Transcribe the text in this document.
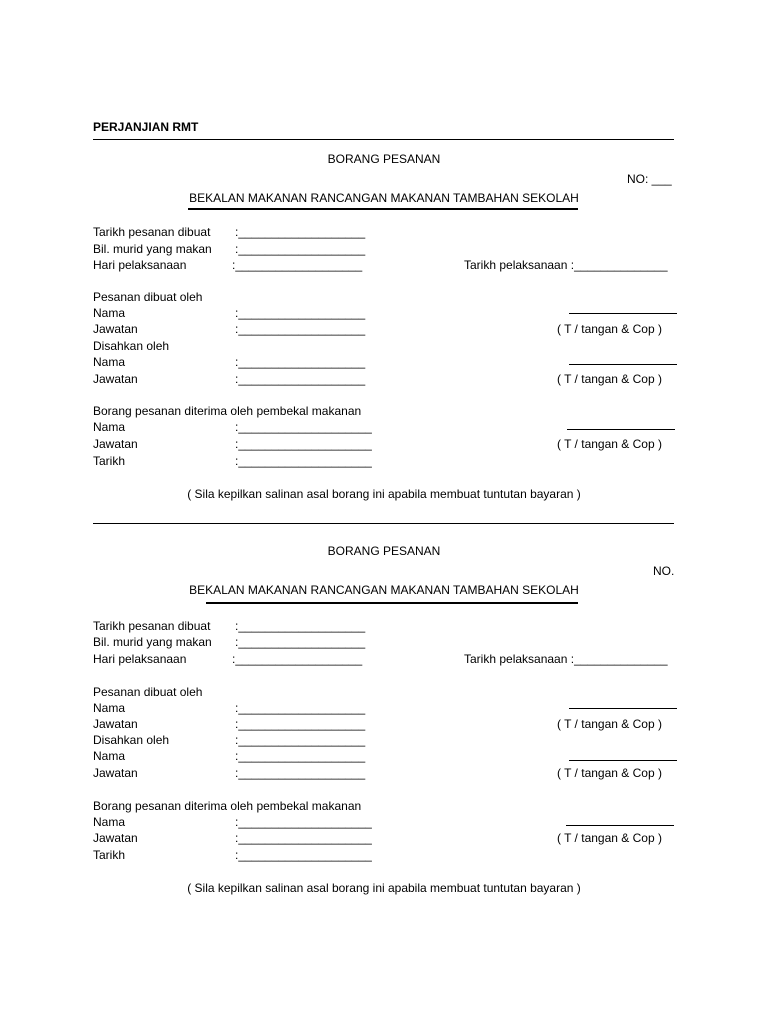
PERJANJIAN RMT
BORANG PESANAN
NO: ___
BEKALAN MAKANAN RANCANGAN MAKANAN TAMBAHAN SEKOLAH
Tarikh pesanan dibuat :___________________
Bil. murid yang makan :___________________
Hari pelaksanaan	:___________________	Tarikh pelaksanaan :______________
Pesanan dibuat oleh
Nama	:___________________
Jawatan	:___________________	( T / tangan & Cop )
Disahkan oleh
Nama	:___________________
Jawatan	:___________________	( T / tangan & Cop )
Borang pesanan diterima oleh pembekal makanan
Nama	:____________________
Jawatan	:____________________	( T / tangan & Cop )
Tarikh	:____________________
( Sila kepilkan salinan asal borang ini apabila membuat tuntutan bayaran )
BORANG PESANAN
NO.
BEKALAN MAKANAN RANCANGAN MAKANAN TAMBAHAN SEKOLAH
Tarikh pesanan dibuat :___________________
Bil. murid yang makan :___________________
Hari pelaksanaan	:___________________	Tarikh pelaksanaan :______________
Pesanan dibuat oleh
Nama	:___________________
Jawatan	:___________________	( T / tangan & Cop )
Disahkan oleh	:___________________
Nama	:___________________
Jawatan	:___________________	( T / tangan & Cop )
Borang pesanan diterima oleh pembekal makanan
Nama	:____________________
Jawatan	:____________________	( T / tangan & Cop )
Tarikh	:____________________
( Sila kepilkan salinan asal borang ini apabila membuat tuntutan bayaran )
